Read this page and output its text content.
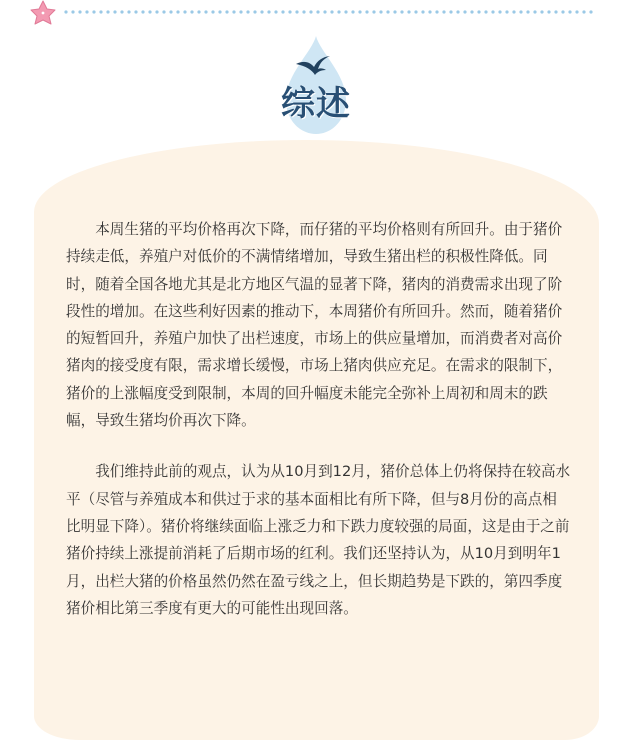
综述

本周生猪的平均价格再次下降，而仔猪的平均价格则有所回升。由于猪价持续走低，养殖户对低价的不满情绪增加，导致生猪出栏的积极性降低。同时，随着全国各地尤其是北方地区气温的显著下降，猪肉的消费需求出现了阶段性的增加。在这些利好因素的推动下，本周猪价有所回升。然而，随着猪价的短暂回升，养殖户加快了出栏速度，市场上的供应量增加，而消费者对高价猪肉的接受度有限，需求增长缓慢，市场上猪肉供应充足。在需求的限制下，猪价的上涨幅度受到限制，本周的回升幅度未能完全弥补上周初和周末的跌幅，导致生猪均价再次下降。

我们维持此前的观点，认为从10月到12月，猪价总体上仍将保持在较高水平（尽管与养殖成本和供过于求的基本面相比有所下降，但与8月份的高点相比明显下降）。猪价将继续面临上涨乏力和下跌力度较强的局面，这是由于之前猪价持续上涨提前消耗了后期市场的红利。我们还坚持认为，从10月到明年1月，出栏大猪的价格虽然仍然在盈亏线之上，但长期趋势是下跌的，第四季度猪价相比第三季度有更大的可能性出现回落。
